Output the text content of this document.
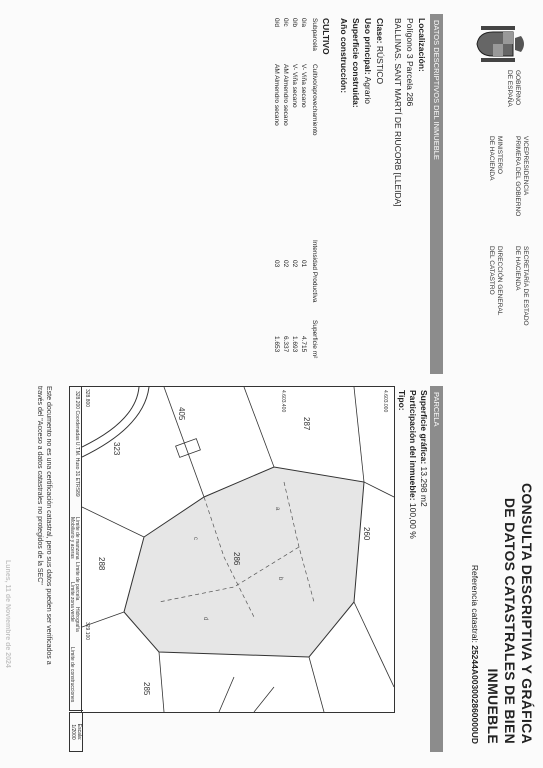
GOBIERNO
DE ESPAÑA
VICEPRESIDENCIA
PRIMERA DEL GOBIERNO
MINISTERIO
DE HACIENDA
SECRETARÍA DE ESTADO
DE HACIENDA
DIRECCIÓN GENERAL
DEL CATASTRO
CONSULTA DESCRIPTIVA Y GRÁFICA
DE DATOS CATASTRALES DE BIEN INMUEBLE
Referencia catastral: 25244A003002860000UD
DATOS DESCRIPTIVOS DEL INMUEBLE
Localización:
Polígono 3 Parcela 286
BALLINAS. SANT MARTÍ DE RIUCORB [LLEIDA]
Clase: RÚSTICO
Uso principal: Agrario
Superficie construida:
Año construcción:
CULTIVO
Subparcela
Cultivo/aprovechamiento
Intensidad Productiva
Superficie m²
0/a
V- Viña secano
01
4.715
0/b
V- Viña secano
02
1.693
0/c
AM Almendro secano
02
6.337
0/d
AM Almendro secano
03
1.653
PARCELA
Superficie gráfica: 13.298 m2
Participación del inmueble: 100,00 %
Tipo:
260
287
286
405
323
288
285
a
b
c
d
4.603.000
4.603.400
328.800
329.100
328.200 Coordenadas U.T.M. Huso 31 ETRS89
Límite de manzana
Límite de parcela
Hidrografía
Límite de construcciones
Mobiliario y aceras
Límite zona verde
Escala:
1/2000
Este documento no es una certificación catastral, pero sus datos pueden ser verificados a
través del "Acceso a datos catastrales no protegidos de la SEC"
Lunes, 11 de Noviembre de 2024
